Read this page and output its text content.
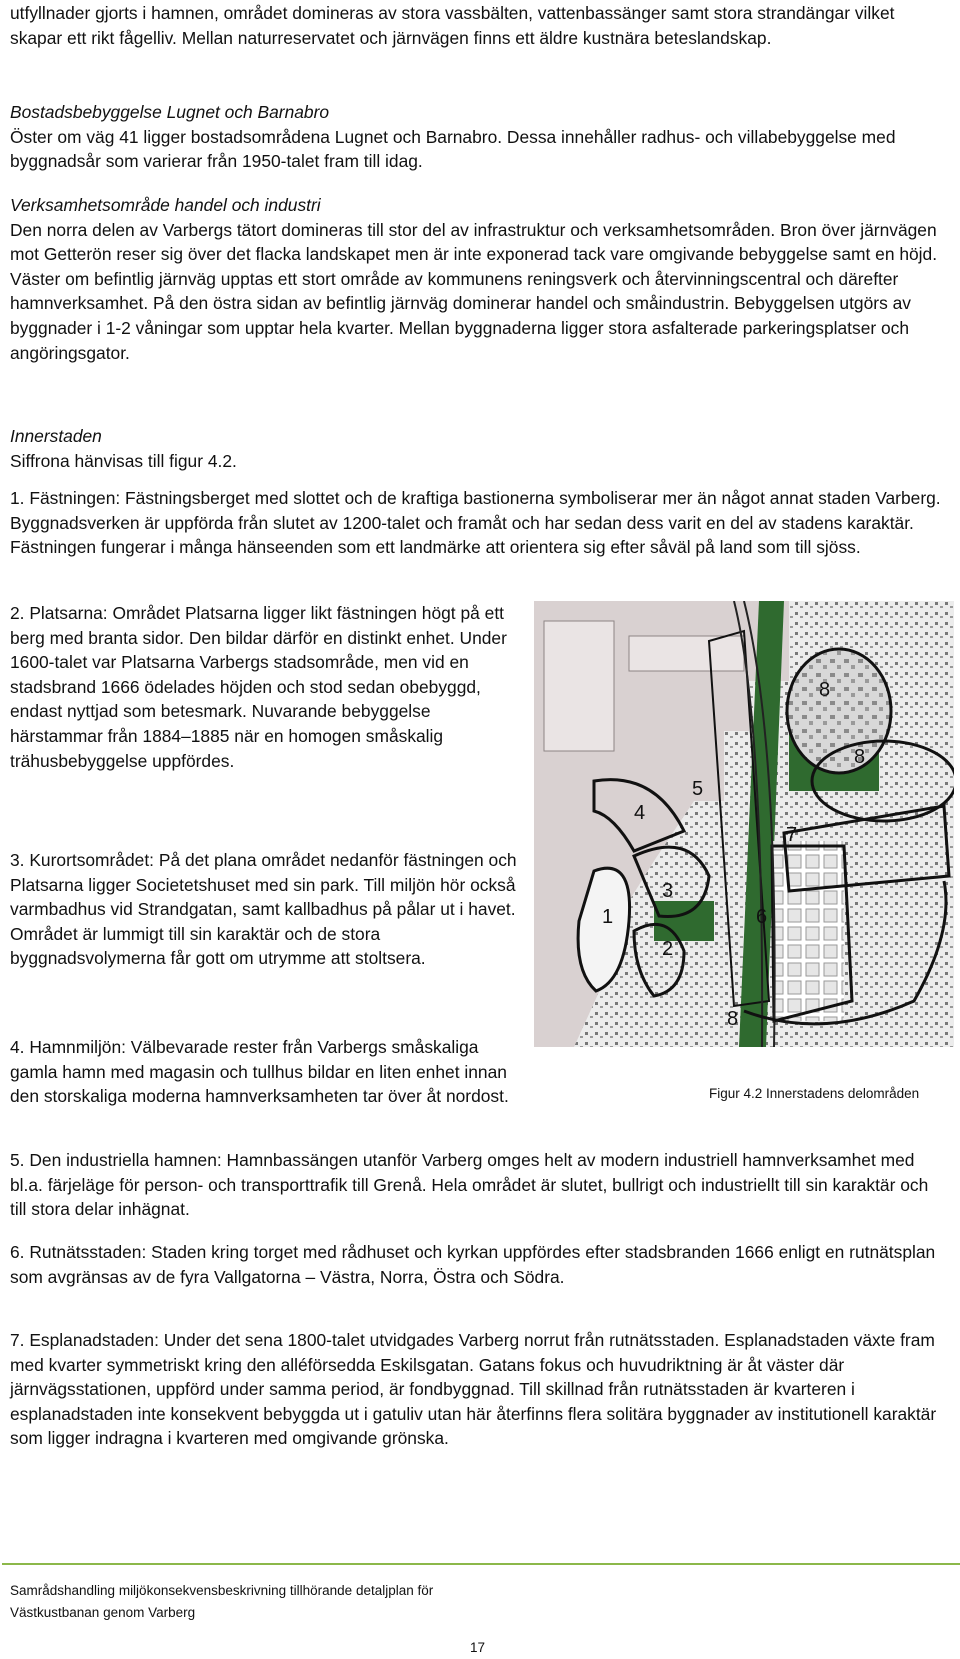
utfyllnader gjorts i hamnen, området domineras av stora vassbälten, vattenbassänger samt stora strandängar vilket skapar ett rikt fågelliv. Mellan naturreservatet och järnvägen finns ett äldre kustnära beteslandskap.

Bostadsbebyggelse Lugnet och Barnabro

Öster om väg 41 ligger bostadsområdena Lugnet och Barnabro. Dessa innehåller radhus- och villabebyggelse med byggnadsår som varierar från 1950-talet fram till idag.

Verksamhetsområde handel och industri

Den norra delen av Varbergs tätort domineras till stor del av infrastruktur och verksamhetsområden. Bron över järnvägen mot Getterön reser sig över det flacka landskapet men är inte exponerad tack vare omgivande bebyggelse samt en höjd. Väster om befintlig järnväg upptas ett stort område av kommunens reningsverk och återvinningscentral och därefter hamnverksamhet. På den östra sidan av befintlig järnväg dominerar handel och småindustrin. Bebyggelsen utgörs av byggnader i 1-2 våningar som upptar hela kvarter. Mellan byggnaderna ligger stora asfalterade parkeringsplatser och angöringsgator.

Innerstaden

Siffrona hänvisas till figur 4.2.

1. Fästningen: Fästningsberget med slottet och de kraftiga bastionerna symboliserar mer än något annat staden Varberg. Byggnadsverken är uppförda från slutet av 1200-talet och framåt och har sedan dess varit en del av stadens karaktär. Fästningen fungerar i många hänseenden som ett landmärke att orientera sig efter såväl på land som till sjöss.

2. Platsarna: Området Platsarna ligger likt fästningen högt på ett berg med branta sidor. Den bildar därför en distinkt enhet. Under 1600-talet var Platsarna Varbergs stadsområde, men vid en stadsbrand 1666 ödelades höjden och stod sedan obebyggd, endast nyttjad som betesmark. Nuvarande bebyggelse härstammar från 1884–1885 när en homogen småskalig trähusbebyggelse uppfördes.

3. Kurortsområdet: På det plana området nedanför fästningen och Platsarna ligger Societetshuset med sin park. Till miljön hör också varmbadhus vid Strandgatan, samt kallbadhus på pålar ut i havet. Området är lummigt till sin karaktär och de stora byggnadsvolymerna får gott om utrymme att stoltsera.

4. Hamnmiljön: Välbevarade rester från Varbergs småskaliga gamla hamn med magasin och tullhus bildar en liten enhet innan den storskaliga moderna hamnverksamheten tar över åt nordost.

8
8
5
4
7
3
1	6
2
8
Figur 4.2 Innerstadens delområden

5. Den industriella hamnen: Hamnbassängen utanför Varberg omges helt av modern industriell hamnverksamhet med bl.a. färjeläge för person- och transporttrafik till Grenå. Hela området är slutet, bullrigt och industriellt till sin karaktär och till stora delar inhägnat.

6. Rutnätsstaden: Staden kring torget med rådhuset och kyrkan uppfördes efter stadsbranden 1666 enligt en rutnätsplan som avgränsas av de fyra Vallgatorna – Västra, Norra, Östra och Södra.

7. Esplanadstaden: Under det sena 1800-talet utvidgades Varberg norrut från rutnätsstaden. Esplanadstaden växte fram med kvarter symmetriskt kring den alléförsedda Eskilsgatan. Gatans fokus och huvudriktning är åt väster där järnvägsstationen, uppförd under samma period, är fondbyggnad. Till skillnad från rutnätsstaden är kvarteren i esplanadstaden inte konsekvent bebyggda ut i gatuliv utan här återfinns flera solitära byggnader av institutionell karaktär som ligger indragna i kvarteren med omgivande grönska.

Samrådshandling miljökonsekvensbeskrivning tillhörande detaljplan för

Västkustbanan genom Varberg

17
